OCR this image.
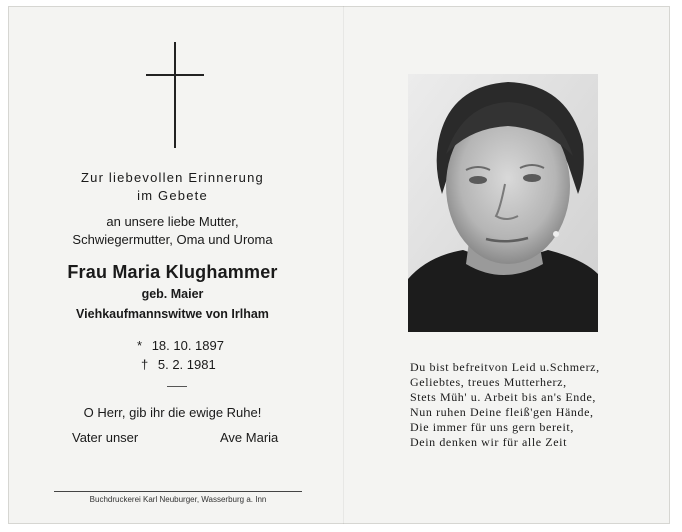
Zur liebevollen Erinnerung
im Gebete
an unsere liebe Mutter,
Schwiegermutter, Oma und Uroma
Frau Maria Klughammer
geb. Maier
Viehkaufmannswitwe von Irlham
* 18. 10. 1897
† 5. 2. 1981
O Herr, gib ihr die ewige Ruhe!
Vater unser	Ave Maria
Buchdruckerei Karl Neuburger, Wasserburg a. Inn
Du bist befreitvon Leid u.Schmerz,
Geliebtes, treues Mutterherz,
Stets Müh' u. Arbeit bis an's Ende,
Nun ruhen Deine fleiß'gen Hände,
Die immer für uns gern bereit,
Dein denken wir für alle Zeit
